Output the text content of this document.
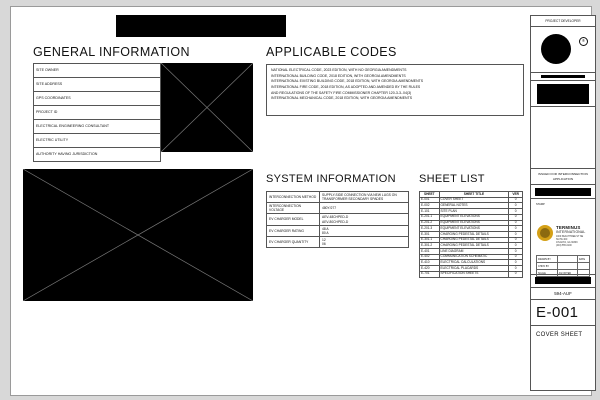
GENERAL INFORMATION
SITE OWNER
SITE ADDRESS
GPS COORDINATES
PROJECT ID
ELECTRICAL ENGINEERING CONSULTANT
ELECTRIC UTILITY
AUTHORITY HAVING JURISDICTION
APPLICABLE CODES
NATIONAL ELECTRICAL CODE, 2023 EDITION, WITH NO GEORGIA AMENDMENTS
INTERNATIONAL BUILDING CODE, 2018 EDITION, WITH GEORGIA AMENDMENTS
INTERNATIONAL EXISTING BUILDING CODE, 2018 EDITION, WITH GEORGIA AMENDMENTS
INTERNATIONAL FIRE CODE, 2018 EDITION, AS ADOPTED AND AMENDED BY THE RULES
AND REGULATIONS OF THE SAFETY FIRE COMMISSIONER CHAPTER 120-3-3-.04(3)
INTERNATIONAL MECHANICAL CODE, 2018 EDITION, WITH GEORGIA AMENDMENTS
SYSTEM INFORMATION
INTERCONNECTION METHOD	SUPPLY-SIDE CONNECTION VIA NEW LUGS ON TRANSFORMER SECONDARY SPADES
INTERCONNECTION VOLTAGE	480Y/277
EV CHARGER MODEL	AEV-48CHPED-D
AEV-80CHPED-D
EV CHARGER RATING	48 A
80 A
EV CHARGER QUANTITY	12
06
SHEET LIST
SHEET	SHEET TITLE	VER
E-001	COVER SHEET	0
E-002	GENERAL NOTES	0
E-101	SITE PLAN	0
E-201.1	EQUIPMENT ELEVATIONS	0
E-201.2	EQUIPMENT ELEVATIONS	0
E-201.3	EQUIPMENT ELEVATIONS	0
E-301	CHARGING PEDESTAL DETAILS	0
E-301.1	CHARGING PEDESTAL DETAILS	0
E-301.2	CHARGING PEDESTAL DETAILS	0
E-401	LINE DIAGRAM	0
E-402	COMMUNICATION SCHEMATIC	0
E-410	ELECTRICAL CALCULATIONS	0
E-420	ELECTRICAL PLACARDS	0
E-701	SPECIFICATION SHEETS	0
PROJECT DEVELOPER
®
ISSUED FOR INTERCONNECTION
APPLICATION
STAMP
TERMINUS
INTERNATIONAL
1000 PEACHTREE ST NE
SUITE 400
ATLANTA, GA 30309
(404) 555-0100
DRAWN BY		DATE
CHK'D BY		
SCALE	AS NOTED	
594-AUF
E-001
COVER SHEET
